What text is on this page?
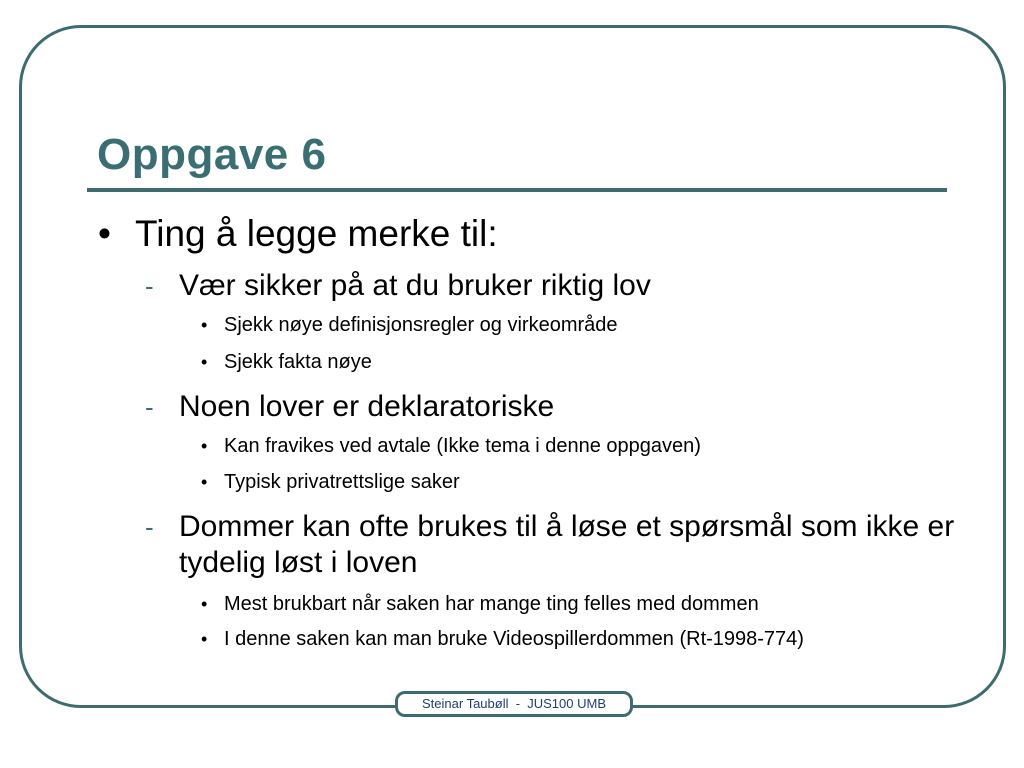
Oppgave 6

• Ting å legge merke til:

- Vær sikker på at du bruker riktig lov

• Sjekk nøye definisjonsregler og virkeområde

• Sjekk fakta nøye

- Noen lover er deklaratoriske

• Kan fravikes ved avtale (Ikke tema i denne oppgaven)

• Typisk privatrettslige saker

- Dommer kan ofte brukes til å løse et spørsmål som ikke er tydelig løst i loven

• Mest brukbart når saken har mange ting felles med dommen

• I denne saken kan man bruke Videospillerdommen (Rt-1998-774)

Steinar Taubøll  -  JUS100 UMB
